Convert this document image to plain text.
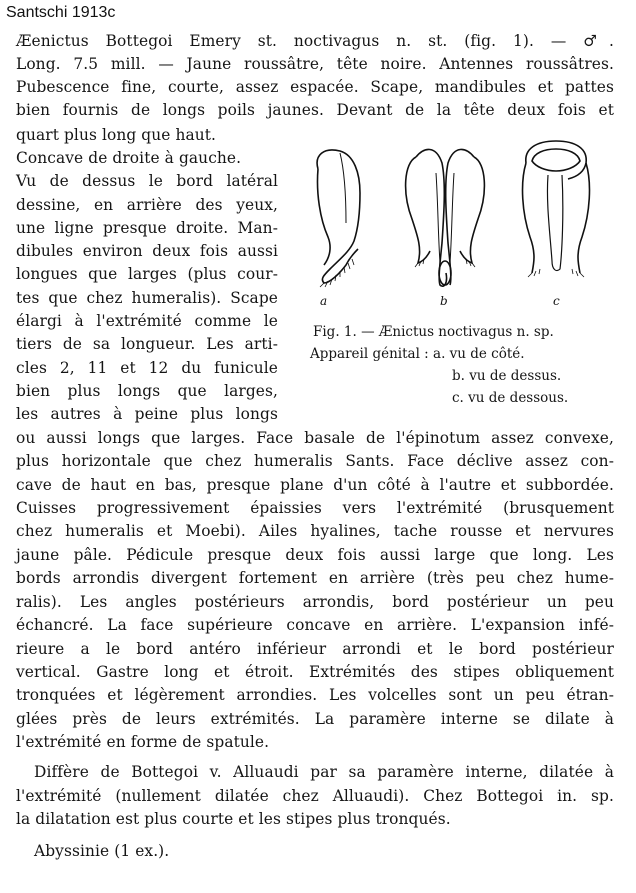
Santschi 1913c
Æenictus Bottegoi Emery st. noctivagus n. st. (fig. 1). — ♂.
Long. 7.5 mill. — Jaune roussâtre, tête noire. Antennes roussâtres.
Pubescence fine, courte, assez espacée. Scape, mandibules et pattes
bien fournis de longs poils jaunes. Devant de la tête deux fois et
quart plus long que haut.
Concave de droite à gauche.
Vu de dessus le bord latéral
dessine, en arrière des yeux,
une ligne presque droite. Man-
dibules environ deux fois aussi
longues que larges (plus cour-
tes que chez humeralis). Scape
élargi à l'extrémité comme le
tiers de sa longueur. Les arti-
cles 2, 11 et 12 du funicule
bien plus longs que larges,
les autres à peine plus longs
ou aussi longs que larges. Face basale de l'épinotum assez convexe,
plus horizontale que chez humeralis Sants. Face déclive assez con-
cave de haut en bas, presque plane d'un côté à l'autre et subbordée.
Cuisses progressivement épaissies vers l'extrémité (brusquement
chez humeralis et Moebi). Ailes hyalines, tache rousse et nervures
jaune pâle. Pédicule presque deux fois aussi large que long. Les
bords arrondis divergent fortement en arrière (très peu chez hume-
ralis). Les angles postérieurs arrondis, bord postérieur un peu
échancré. La face supérieure concave en arrière. L'expansion infé-
rieure a le bord antéro inférieur arrondi et le bord postérieur
vertical. Gastre long et étroit. Extrémités des stipes obliquement
tronquées et légèrement arrondies. Les volcelles sont un peu étran-
glées près de leurs extrémités. La paramère interne se dilate à
l'extrémité en forme de spatule.
Diffère de Bottegoi v. Alluaudi par sa paramère interne, dilatée à
l'extrémité (nullement dilatée chez Alluaudi). Chez Bottegoi in. sp.
la dilatation est plus courte et les stipes plus tronqués.
Abyssinie (1 ex.).
a	b	c
Fig. 1. — Ænictus noctivagus n. sp.
Appareil génital : a. vu de côté.
b. vu de dessus.
c. vu de dessous.
